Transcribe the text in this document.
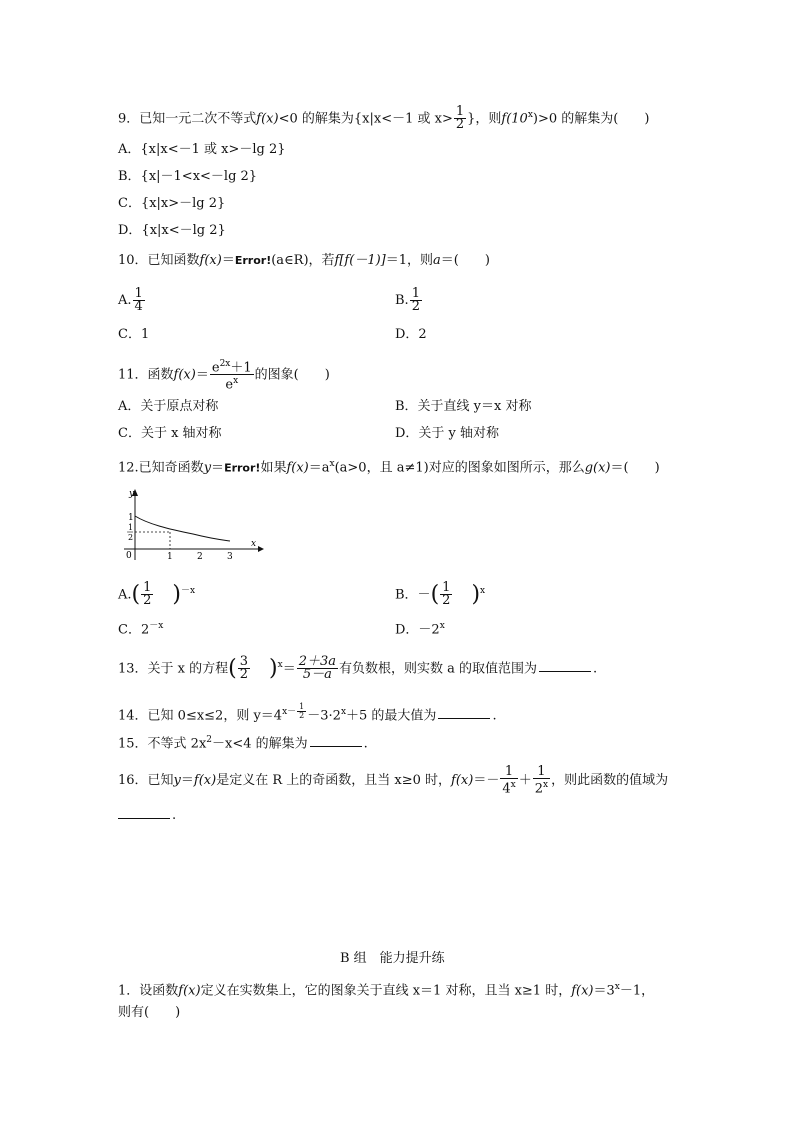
9．已知一元二次不等式f(x)<0 的解集为{x|x<－1 或 $x> \frac{1}{2}$ }，则$f(10^x)>0$ 的解集为(　　)
A．{x|x<－1 或 x>－lg 2}
B．{x|－1<x<－lg 2}
C．{x|x>－lg 2}
D．{x|x<－lg 2}
10．已知函数f(x)＝Error!(a∈R)，若f[f(－1)]＝1，则a＝(　　)
A. $\frac{1}{4}$	B. $\frac{1}{2}$
C．1	D．2
11．函数$f(x)= \frac{e^{2x}+1}{e^x}$ 的图象(　　)
A．关于原点对称	B．关于直线 y＝x 对称
C．关于 x 轴对称	D．关于 y 轴对称
12.已知奇函数y＝Error!如果$f(x)=a^x(a>0$，且 a≠1)对应的图象如图所示，那么g(x)＝(　　)
y
1
1
2
0	1	2	3
x
$A.( \frac{1}{2} )^{-x}$	B．－( $\frac{1}{2} )^x$
C．$2^{-x}$	D．$-2^x$
13．关于 x 的方程( $\frac{3}{2} )^x= \frac{2+3a}{5-a}$ 有负数根，则实数 a 的取值范围为	.
14．已知 0≤x≤2，则 $y=4^{x- \frac{1}{2}} -3\cdot 2^x+5$ 的最大值为	.
15．不等式 $2x^2-x<4$ 的解集为	.
16．已知y＝f(x)是定义在 R 上的奇函数，且当 x≥0 时，$f(x)=- \frac{1}{4^x} + \frac{1}{2^x}$ ，则此函数的值域为
.
B 组　能力提升练
1．设函数f(x)定义在实数集上，它的图象关于直线 x＝1 对称，且当 x≥1 时，$f(x)=3^x-1$，
则有(　　)
